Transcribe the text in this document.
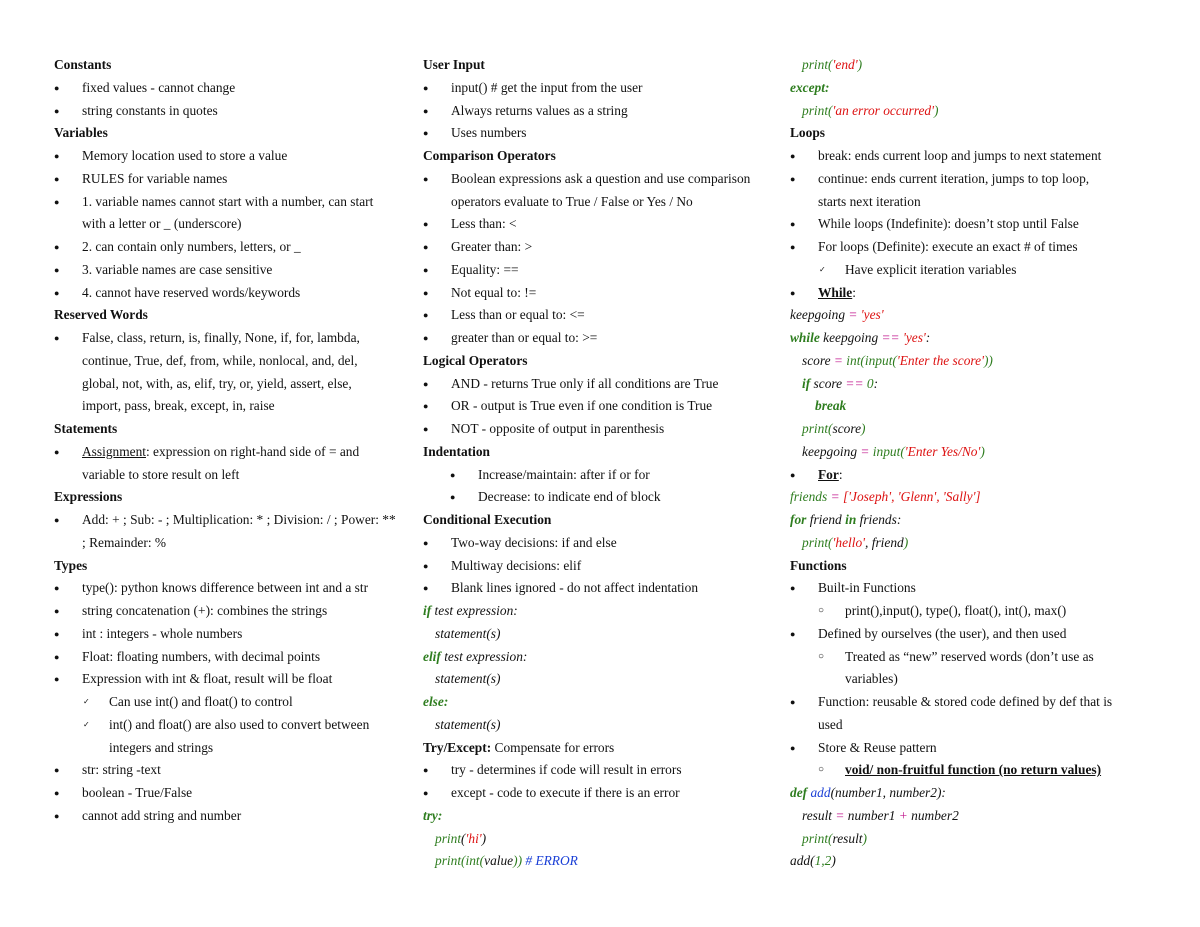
Constants
● fixed values - cannot change
● string constants in quotes
Variables
● Memory location used to store a value
● RULES for variable names
● 1. variable names cannot start with a number, can start
with a letter or _ (underscore)
● 2. can contain only numbers, letters, or _
● 3. variable names are case sensitive
● 4. cannot have reserved words/keywords
Reserved Words
● False, class, return, is, finally, None, if, for, lambda,
continue, True, def, from, while, nonlocal, and, del,
global, not, with, as, elif, try, or, yield, assert, else,
import, pass, break, except, in, raise
Statements
● Assignment: expression on right-hand side of = and
variable to store result on left
Expressions
● Add: + ; Sub: - ; Multiplication: * ; Division: / ; Power: **
; Remainder: %
Types
● type(): python knows difference between int and a str
● string concatenation (+): combines the strings
● int : integers - whole numbers
● Float: floating numbers, with decimal points
● Expression with int & float, result will be float
✓ Can use int() and float() to control
✓ int() and float() are also used to convert between
integers and strings
● str: string -text
● boolean - True/False
● cannot add string and number
User Input
● input() # get the input from the user
● Always returns values as a string
● Uses numbers
Comparison Operators
● Boolean expressions ask a question and use comparison
operators evaluate to True / False or Yes / No
● Less than: <
● Greater than: >
● Equality: ==
● Not equal to: !=
● Less than or equal to: <=
● greater than or equal to: >=
Logical Operators
● AND - returns True only if all conditions are True
● OR - output is True even if one condition is True
● NOT - opposite of output in parenthesis
Indentation
● Increase/maintain: after if or for
● Decrease: to indicate end of block
Conditional Execution
● Two-way decisions: if and else
● Multiway decisions: elif
● Blank lines ignored - do not affect indentation
if test expression:
statement(s)
elif test expression:
statement(s)
else:
statement(s)
Try/Except: Compensate for errors
● try - determines if code will result in errors
● except - code to execute if there is an error
try:
print('hi')
print(int(value)) # ERROR
print('end')
except:
print('an error occurred')
Loops
● break: ends current loop and jumps to next statement
● continue: ends current iteration, jumps to top loop,
starts next iteration
● While loops (Indefinite): doesn’t stop until False
● For loops (Definite): execute an exact # of times
✓ Have explicit iteration variables
● While:
keepgoing = 'yes'
while keepgoing == 'yes':
score = int(input('Enter the score'))
if score == 0:
break
print(score)
keepgoing = input('Enter Yes/No')
● For:
friends = ['Joseph', 'Glenn', 'Sally']
for friend in friends:
print('hello', friend)
Functions
● Built-in Functions
○ print(),input(), type(), float(), int(), max()
● Defined by ourselves (the user), and then used
○ Treated as “new” reserved words (don’t use as
variables)
● Function: reusable & stored code defined by def that is
used
● Store & Reuse pattern
○ void/ non-fruitful function (no return values)
def add(number1, number2):
result = number1 + number2
print(result)
add(1,2)
